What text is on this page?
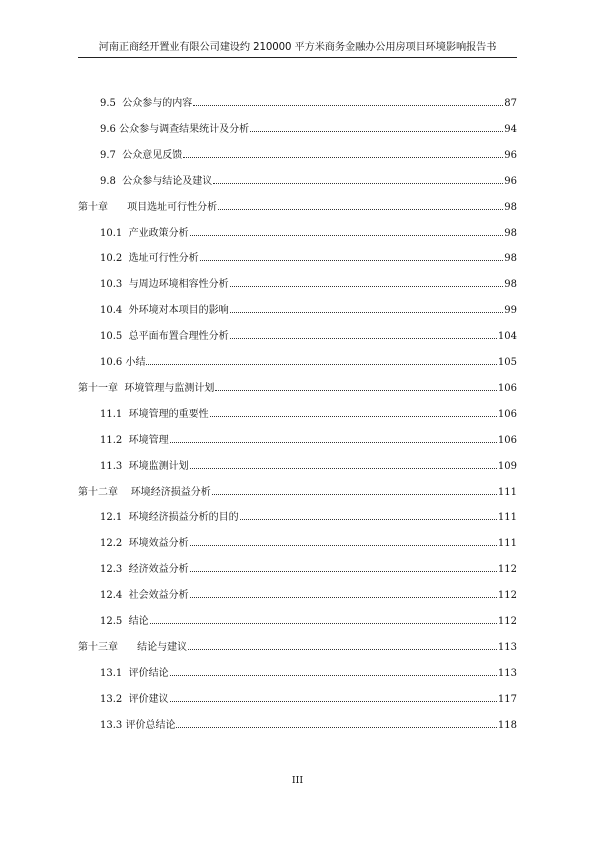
河南正商经开置业有限公司建设约 210000 平方米商务金融办公用房项目环境影响报告书
9.5  公众参与的内容	87
9.6 公众参与调查结果统计及分析	94
9.7  公众意见反馈	96
9.8  公众参与结论及建议	96
第十章      项目选址可行性分析	98
10.1  产业政策分析	98
10.2  选址可行性分析	98
10.3  与周边环境相容性分析	98
10.4  外环境对本项目的影响	99
10.5  总平面布置合理性分析	104
10.6 小结	105
第十一章  环境管理与监测计划	106
11.1  环境管理的重要性	106
11.2  环境管理	106
11.3  环境监测计划	109
第十二章    环境经济损益分析	111
12.1  环境经济损益分析的目的	111
12.2  环境效益分析	111
12.3  经济效益分析	112
12.4  社会效益分析	112
12.5  结论	112
第十三章      结论与建议	113
13.1  评价结论	113
13.2  评价建议	117
13.3 评价总结论	118
III
